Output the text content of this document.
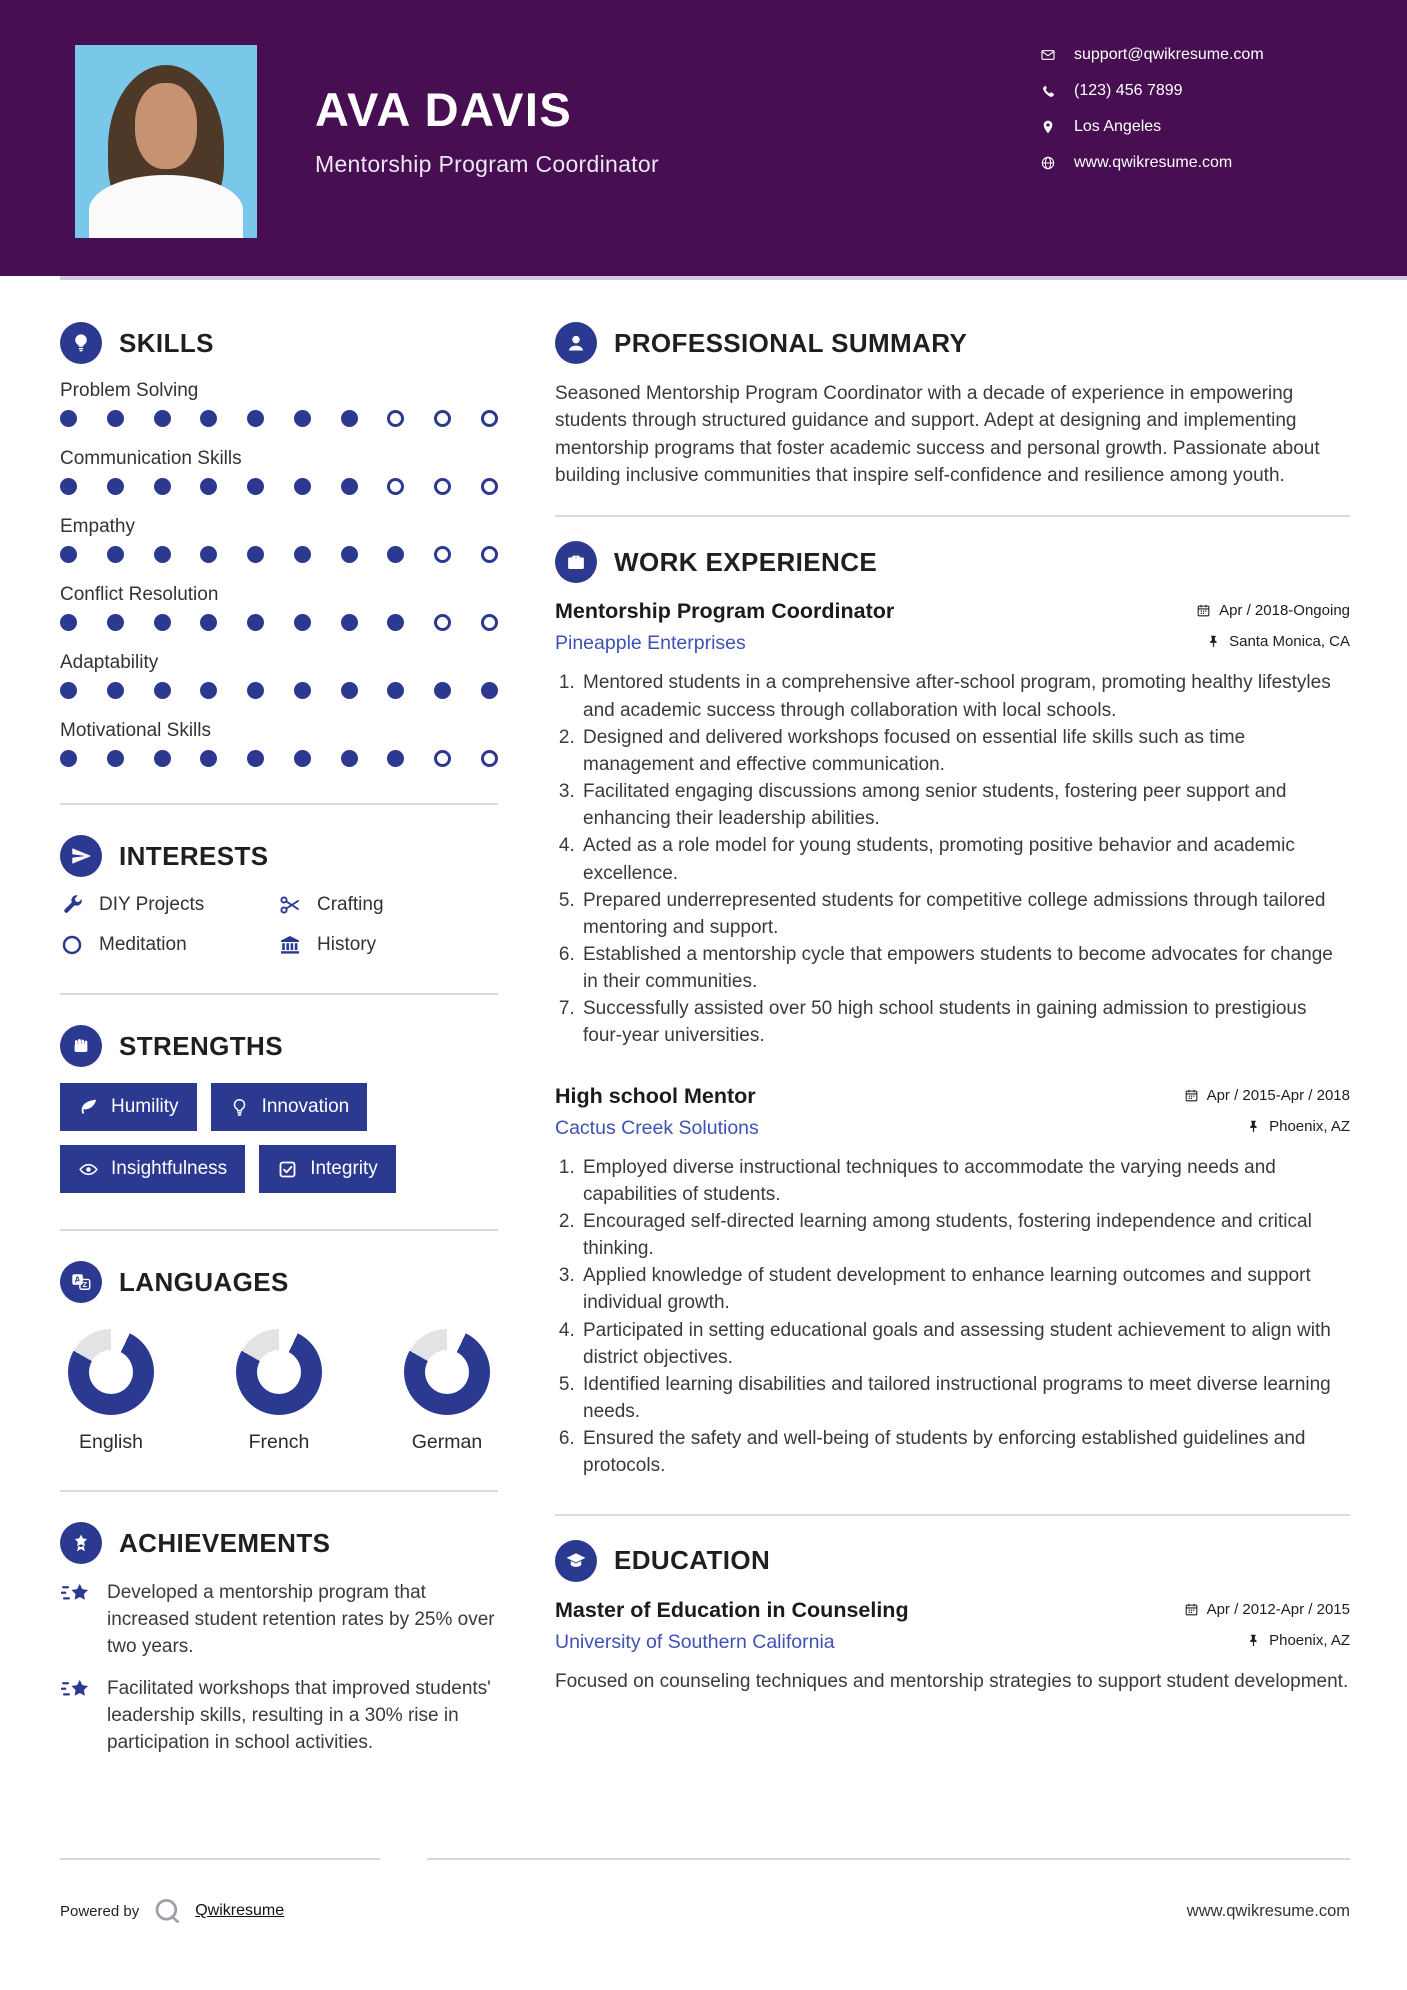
AVA DAVIS
Mentorship Program Coordinator
support@qwikresume.com
(123) 456 7899
Los Angeles
www.qwikresume.com
SKILLS
Problem Solving
Communication Skills
Empathy
Conflict Resolution
Adaptability
Motivational Skills
INTERESTS
DIY Projects	Crafting
Meditation	History
STRENGTHS
Humility	Innovation
Insightfulness	Integrity
A
Z LANGUAGES
English	French	German
ACHIEVEMENTS
Developed a mentorship program that increased student retention rates by 25% over two years.
Facilitated workshops that improved students' leadership skills, resulting in a 30% rise in participation in school activities.
PROFESSIONAL SUMMARY

Seasoned Mentorship Program Coordinator with a decade of experience in empowering students through structured guidance and support. Adept at designing and implementing mentorship programs that foster academic success and personal growth. Passionate about building inclusive communities that inspire self-confidence and resilience among youth.

WORK EXPERIENCE
Mentorship Program Coordinator	Apr / 2018-Ongoing
Pineapple Enterprises	Santa Monica, CA
1. Mentored students in a comprehensive after-school program, promoting healthy lifestyles and academic success through collaboration with local schools.
2. Designed and delivered workshops focused on essential life skills such as time management and effective communication.
3. Facilitated engaging discussions among senior students, fostering peer support and enhancing their leadership abilities.
4. Acted as a role model for young students, promoting positive behavior and academic excellence.
5. Prepared underrepresented students for competitive college admissions through tailored mentoring and support.
6. Established a mentorship cycle that empowers students to become advocates for change in their communities.
7. Successfully assisted over 50 high school students in gaining admission to prestigious four-year universities.
High school Mentor	Apr / 2015-Apr / 2018
Cactus Creek Solutions	Phoenix, AZ
1. Employed diverse instructional techniques to accommodate the varying needs and capabilities of students.
2. Encouraged self-directed learning among students, fostering independence and critical thinking.
3. Applied knowledge of student development to enhance learning outcomes and support individual growth.
4. Participated in setting educational goals and assessing student achievement to align with district objectives.
5. Identified learning disabilities and tailored instructional programs to meet diverse learning needs.
6. Ensured the safety and well-being of students by enforcing established guidelines and protocols.
EDUCATION
Master of Education in Counseling	Apr / 2012-Apr / 2015
University of Southern California	Phoenix, AZ

Focused on counseling techniques and mentorship strategies to support student development.

Powered by	Qwikresume	www.qwikresume.com
